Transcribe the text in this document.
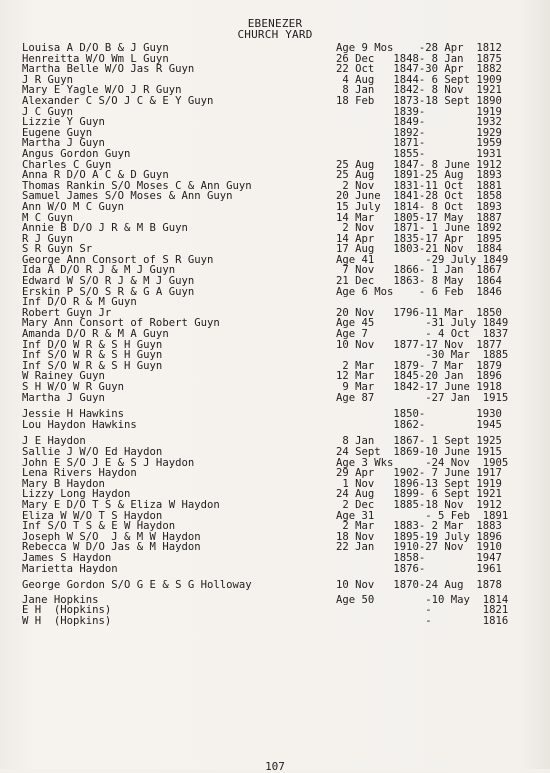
EBENEZER
CHURCH YARD
Louisa A D/O B & J Guyn	Age 9 Mos    -28 Apr  1812
Henreitta W/O Wm L Guyn	26 Dec   1848- 8 Jan  1875
Martha Belle W/O Jas R Guyn	22 Oct   1847-30 Apr  1882
J R Guyn	4 Aug   1844- 6 Sept 1909
Mary E Yagle W/O J R Guyn	8 Jan   1842- 8 Nov  1921
Alexander C S/O J C & E Y Guyn	18 Feb   1873-18 Sept 1890
J C Guyn	1839-        1919
Lizzie Y Guyn	1849-        1932
Eugene Guyn	1892-        1929
Martha J Guyn	1871-        1959
Angus Gordon Guyn	1855-        1931
Charles C Guyn	25 Aug   1847- 8 June 1912
Anna R D/O A C & D Guyn	25 Aug   1891-25 Aug  1893
Thomas Rankin S/O Moses C & Ann Guyn	2 Nov   1831-11 Oct  1881
Samuel James S/O Moses & Ann Guyn	20 June  1841-28 Oct  1858
Ann W/O M C Guyn	15 July  1814- 8 Oct  1893
M C Guyn	14 Mar   1805-17 May  1887
Annie B D/O J R & M B Guyn	2 Nov   1871- 1 June 1892
R J Guyn	14 Apr   1835-17 Apr  1895
S R Guyn Sr	17 Aug   1803-21 Nov  1884
George Ann Consort of S R Guyn	Age 41        -29 July 1849
Ida A D/O R J & M J Guyn	7 Nov   1866- 1 Jan  1867
Edward W S/O R J & M J Guyn	21 Dec   1863- 8 May  1864
Erskin P S/O S R & G A Guyn	Age 6 Mos    - 6 Feb  1846
Inf D/O R & M Guyn
Robert Guyn Jr	20 Nov   1796-11 Mar  1850
Mary Ann Consort of Robert Guyn	Age 45        -31 July 1849
Amanda D/O R & M A Guyn	Age 7         - 4 Oct  1837
Inf D/O W R & S H Guyn	10 Nov   1877-17 Nov  1877
Inf S/O W R & S H Guyn	-30 Mar  1885
Inf S/O W R & S H Guyn	2 Mar   1879- 7 Mar  1879
W Rainey Guyn	12 Mar   1845-20 Jan  1896
S H W/O W R Guyn	9 Mar   1842-17 June 1918
Martha J Guyn	Age 87        -27 Jan  1915
Jessie H Hawkins	1850-        1930
Lou Haydon Hawkins	1862-        1945
J E Haydon	8 Jan   1867- 1 Sept 1925
Sallie J W/O Ed Haydon	24 Sept  1869-10 June 1915
John E S/O J E & S J Haydon	Age 3 Wks     -24 Nov  1905
Lena Rivers Haydon	29 Apr   1902- 7 June 1917
Mary B Haydon	1 Nov   1896-13 Sept 1919
Lizzy Long Haydon	24 Aug   1899- 6 Sept 1921
Mary E D/O T S & Eliza W Haydon	2 Dec   1885-18 Nov  1912
Eliza W W/O T S Haydon	Age 31        - 5 Feb  1891
Inf S/O T S & E W Haydon	2 Mar   1883- 2 Mar  1883
Joseph W S/O  J & M W Haydon	18 Nov   1895-19 July 1896
Rebecca W D/O Jas & M Haydon	22 Jan   1910-27 Nov  1910
James S Haydon	1858-        1947
Marietta Haydon	1876-        1961
George Gordon S/O G E & S G Holloway	10 Nov   1870-24 Aug  1878
Jane Hopkins	Age 50        -10 May  1814
E H  (Hopkins)	-        1821
W H  (Hopkins)	-        1816
107
